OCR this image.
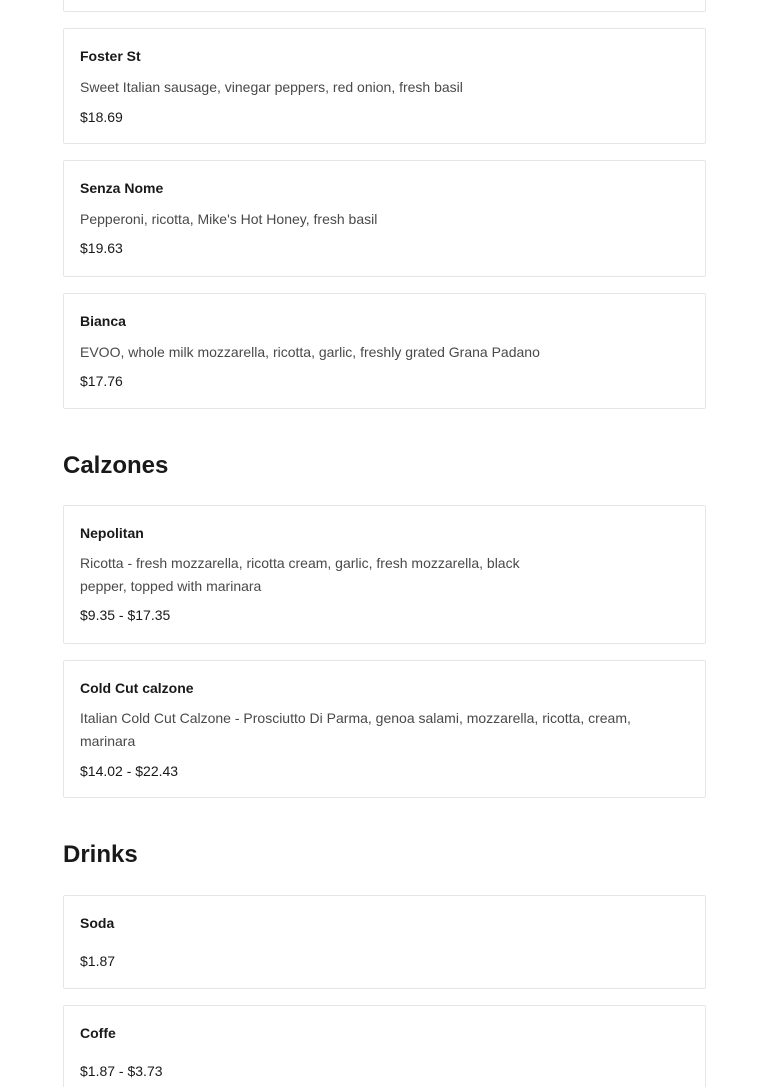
Foster St
Sweet Italian sausage, vinegar peppers, red onion, fresh basil
$18.69
Senza Nome
Pepperoni, ricotta, Mike's Hot Honey, fresh basil
$19.63
Bianca
EVOO, whole milk mozzarella, ricotta, garlic, freshly grated Grana Padano
$17.76
Calzones
Nepolitan
Ricotta - fresh mozzarella, ricotta cream, garlic, fresh mozzarella, black pepper, topped with marinara
$9.35 - $17.35
Cold Cut calzone
Italian Cold Cut Calzone - Prosciutto Di Parma, genoa salami, mozzarella, ricotta, cream, marinara
$14.02 - $22.43
Drinks
Soda
$1.87
Coffe
$1.87 - $3.73
